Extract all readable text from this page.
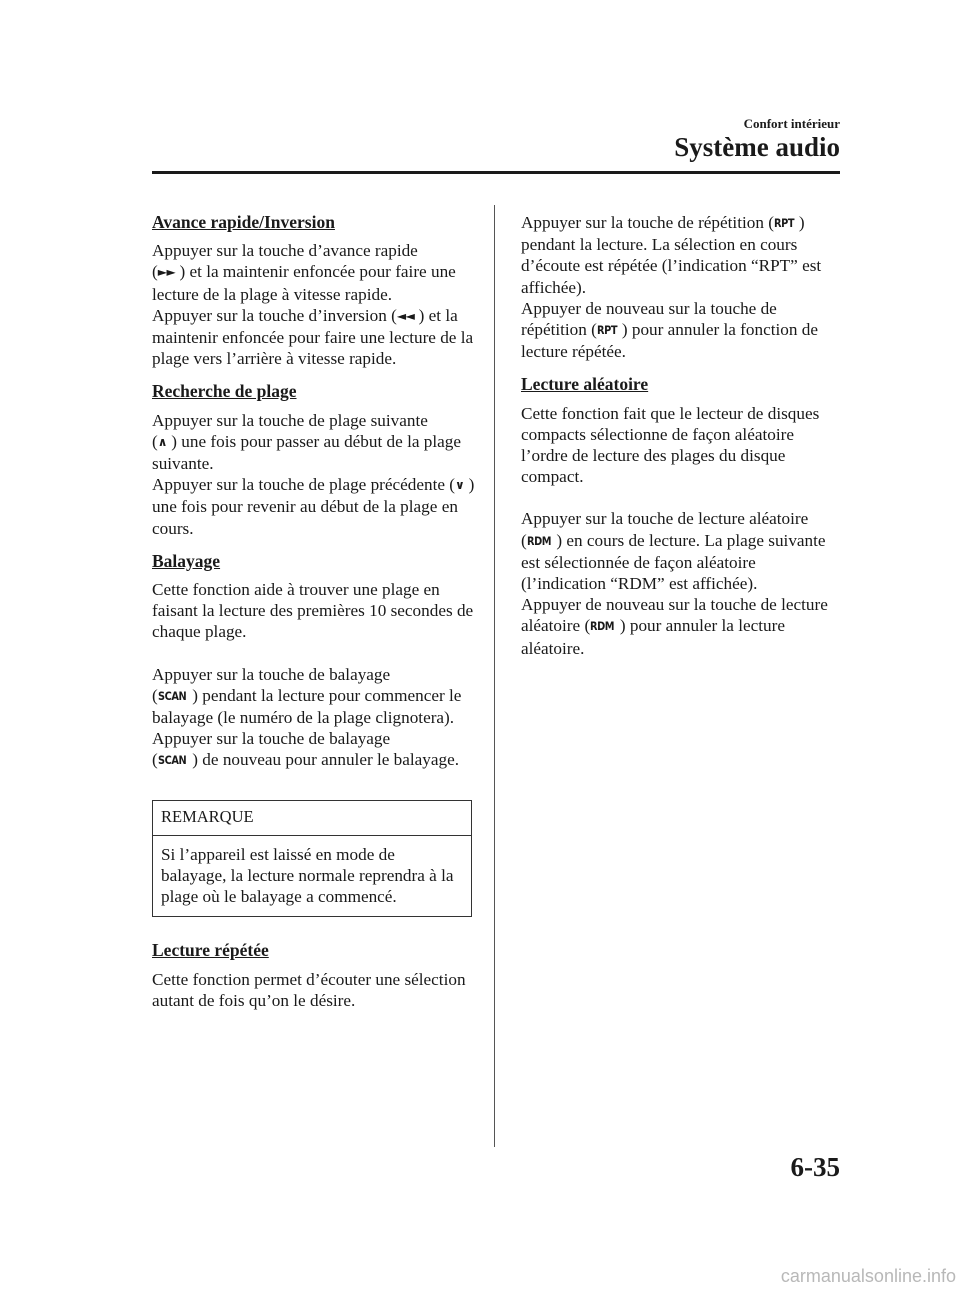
Confort intérieur
Système audio
Avance rapide/Inversion
Appuyer sur la touche d’avance rapide
(►► ) et la maintenir enfoncée pour faire une lecture de la plage à vitesse rapide.
Appuyer sur la touche d’inversion (◄◄ ) et la maintenir enfoncée pour faire une lecture de la plage vers l’arrière à vitesse rapide.
Recherche de plage
Appuyer sur la touche de plage suivante
(∧ ) une fois pour passer au début de la plage suivante.
Appuyer sur la touche de plage précédente (∨ ) une fois pour revenir au début de la plage en cours.
Balayage
Cette fonction aide à trouver une plage en faisant la lecture des premières 10 secondes de chaque plage.
Appuyer sur la touche de balayage
(SCAN ) pendant la lecture pour commencer le balayage (le numéro de la plage clignotera).
Appuyer sur la touche de balayage
(SCAN ) de nouveau pour annuler le balayage.
REMARQUE
Si l’appareil est laissé en mode de balayage, la lecture normale reprendra à la plage où le balayage a commencé.
Lecture répétée
Cette fonction permet d’écouter une sélection autant de fois qu’on le désire.
Appuyer sur la touche de répétition (RPT ) pendant la lecture. La sélection en cours d’écoute est répétée (l’indication “RPT” est affichée).
Appuyer de nouveau sur la touche de répétition (RPT ) pour annuler la fonction de lecture répétée.
Lecture aléatoire
Cette fonction fait que le lecteur de disques compacts sélectionne de façon aléatoire l’ordre de lecture des plages du disque compact.
Appuyer sur la touche de lecture aléatoire
(RDM ) en cours de lecture. La plage suivante est sélectionnée de façon aléatoire (l’indication “RDM” est affichée).
Appuyer de nouveau sur la touche de lecture aléatoire (RDM ) pour annuler la lecture aléatoire.
6-35
carmanualsonline.info
